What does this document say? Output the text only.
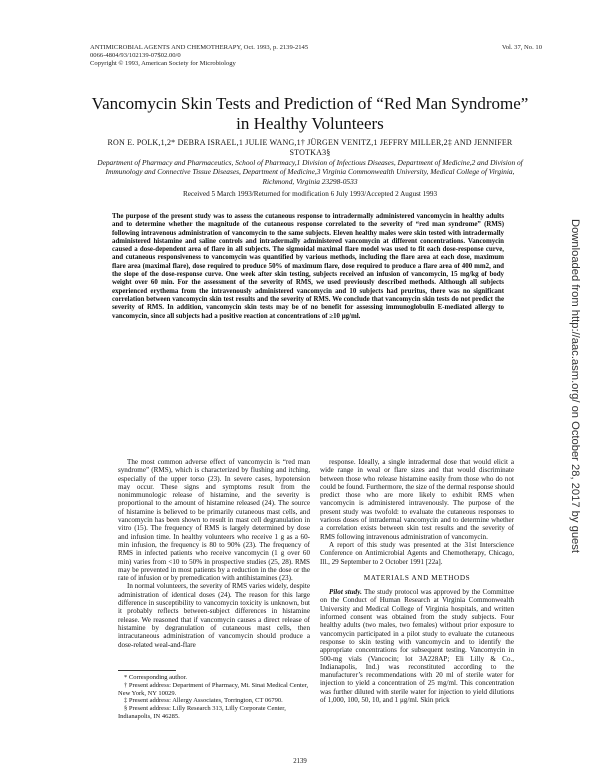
ANTIMICROBIAL AGENTS AND CHEMOTHERAPY, Oct. 1993, p. 2139-2145
0066-4804/93/102139-07$02.00/0
Copyright © 1993, American Society for Microbiology
Vol. 37, No. 10
Vancomycin Skin Tests and Prediction of “Red Man Syndrome” in Healthy Volunteers
RON E. POLK,1,2* DEBRA ISRAEL,1 JULIE WANG,1† JÜRGEN VENITZ,1 JEFFRY MILLER,2‡ AND JENNIFER STOTKA3§
Department of Pharmacy and Pharmaceutics, School of Pharmacy,1 Division of Infectious Diseases, Department of Medicine,2 and Division of Immunology and Connective Tissue Diseases, Department of Medicine,3 Virginia Commonwealth University, Medical College of Virginia, Richmond, Virginia 23298-0533
Received 5 March 1993/Returned for modification 6 July 1993/Accepted 2 August 1993
The purpose of the present study was to assess the cutaneous response to intradermally administered vancomycin in healthy adults and to determine whether the magnitude of the cutaneous response correlated to the severity of “red man syndrome” (RMS) following intravenous administration of vancomycin to the same subjects. Eleven healthy males were skin tested with intradermally administered histamine and saline controls and intradermally administered vancomycin at different concentrations. Vancomycin caused a dose-dependent area of flare in all subjects. The sigmoidal maximal flare model was used to fit each dose-response curve, and cutaneous responsiveness to vancomycin was quantified by various methods, including the flare area at each dose, maximum flare area (maximal flare), dose required to produce 50% of maximum flare, dose required to produce a flare area of 400 mm2, and the slope of the dose-response curve. One week after skin testing, subjects received an infusion of vancomycin, 15 mg/kg of body weight over 60 min. For the assessment of the severity of RMS, we used previously described methods. Although all subjects experienced erythema from the intravenously administered vancomycin and 10 subjects had pruritus, there was no significant correlation between vancomycin skin test results and the severity of RMS. We conclude that vancomycin skin tests do not predict the severity of RMS. In addition, vancomycin skin tests may be of no benefit for assessing immunoglobulin E-mediated allergy to vancomycin, since all subjects had a positive reaction at concentrations of ≥10 μg/ml.

The most common adverse effect of vancomycin is “red man syndrome” (RMS), which is characterized by flushing and itching, especially of the upper torso (23). In severe cases, hypotension may occur. These signs and symptoms result from the nonimmunologic release of histamine, and the severity is proportional to the amount of histamine released (24). The source of histamine is believed to be primarily cutaneous mast cells, and vancomycin has been shown to result in mast cell degranulation in vitro (15). The frequency of RMS is largely determined by dose and infusion time. In healthy volunteers who receive 1 g as a 60-min infusion, the frequency is 80 to 90% (23). The frequency of RMS in infected patients who receive vancomycin (1 g over 60 min) varies from <10 to 50% in prospective studies (25, 28). RMS may be prevented in most patients by a reduction in the dose or the rate of infusion or by premedication with antihistamines (23).

In normal volunteers, the severity of RMS varies widely, despite administration of identical doses (24). The reason for this large difference in susceptibility to vancomycin toxicity is unknown, but it probably reflects between-subject differences in histamine release. We reasoned that if vancomycin causes a direct release of histamine by degranulation of cutaneous mast cells, then intracutaneous administration of vancomycin should produce a dose-related weal-and-flare

response. Ideally, a single intradermal dose that would elicit a wide range in weal or flare sizes and that would discriminate between those who release histamine easily from those who do not could be found. Furthermore, the size of the dermal response should predict those who are more likely to exhibit RMS when vancomycin is administered intravenously. The purpose of the present study was twofold: to evaluate the cutaneous responses to various doses of intradermal vancomycin and to determine whether a correlation exists between skin test results and the severity of RMS following intravenous administration of vancomycin.

A report of this study was presented at the 31st Interscience Conference on Antimicrobial Agents and Chemotherapy, Chicago, Ill., 29 September to 2 October 1991 [22a].

MATERIALS AND METHODS

Pilot study. The study protocol was approved by the Committee on the Conduct of Human Research at Virginia Commonwealth University and Medical College of Virginia hospitals, and written informed consent was obtained from the study subjects. Four healthy adults (two males, two females) without prior exposure to vancomycin participated in a pilot study to evaluate the cutaneous response to skin testing with vancomycin and to identify the appropriate concentrations for subsequent testing. Vancomycin in 500-mg vials (Vancocin; lot 3A228AP; Eli Lilly & Co., Indianapolis, Ind.) was reconstituted according to the manufacturer’s recommendations with 20 ml of sterile water for injection to yield a concentration of 25 mg/ml. This concentration was further diluted with sterile water for injection to yield dilutions of 1,000, 100, 50, 10, and 1 μg/ml. Skin prick

* Corresponding author.
† Present address: Department of Pharmacy, Mt. Sinai Medical Center, New York, NY 10029.
‡ Present address: Allergy Associates, Torrington, CT 06790.
§ Present address: Lilly Research 313, Lilly Corporate Center, Indianapolis, IN 46285.
2139
Downloaded from http://aac.asm.org/ on October 28, 2017 by guest
